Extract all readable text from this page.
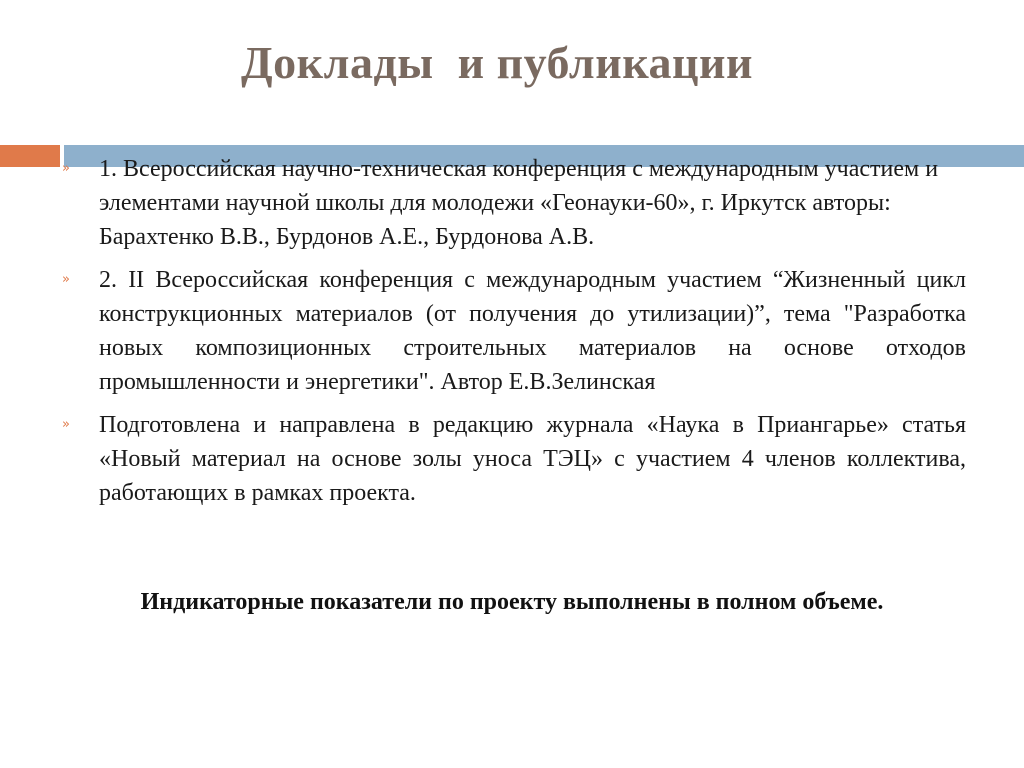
Доклады  и публикации
» 1. Всероссийская научно-техническая конференция с международным участием и элементами научной школы для молодежи «Геонауки-60», г. Иркутск авторы: Барахтенко В.В., Бурдонов А.Е., Бурдонова А.В.
» 2. II Всероссийская конференция с международным участием “Жизненный цикл конструкционных материалов (от получения до утилизации)”, тема "Разработка новых композиционных строительных материалов на основе отходов промышленности и энергетики". Автор Е.В.Зелинская
» Подготовлена и направлена в редакцию журнала «Наука в Приангарье» статья «Новый материал на основе золы уноса ТЭЦ» с участием 4 членов коллектива, работающих в рамках проекта.

Индикаторные показатели по проекту выполнены в полном объеме.
